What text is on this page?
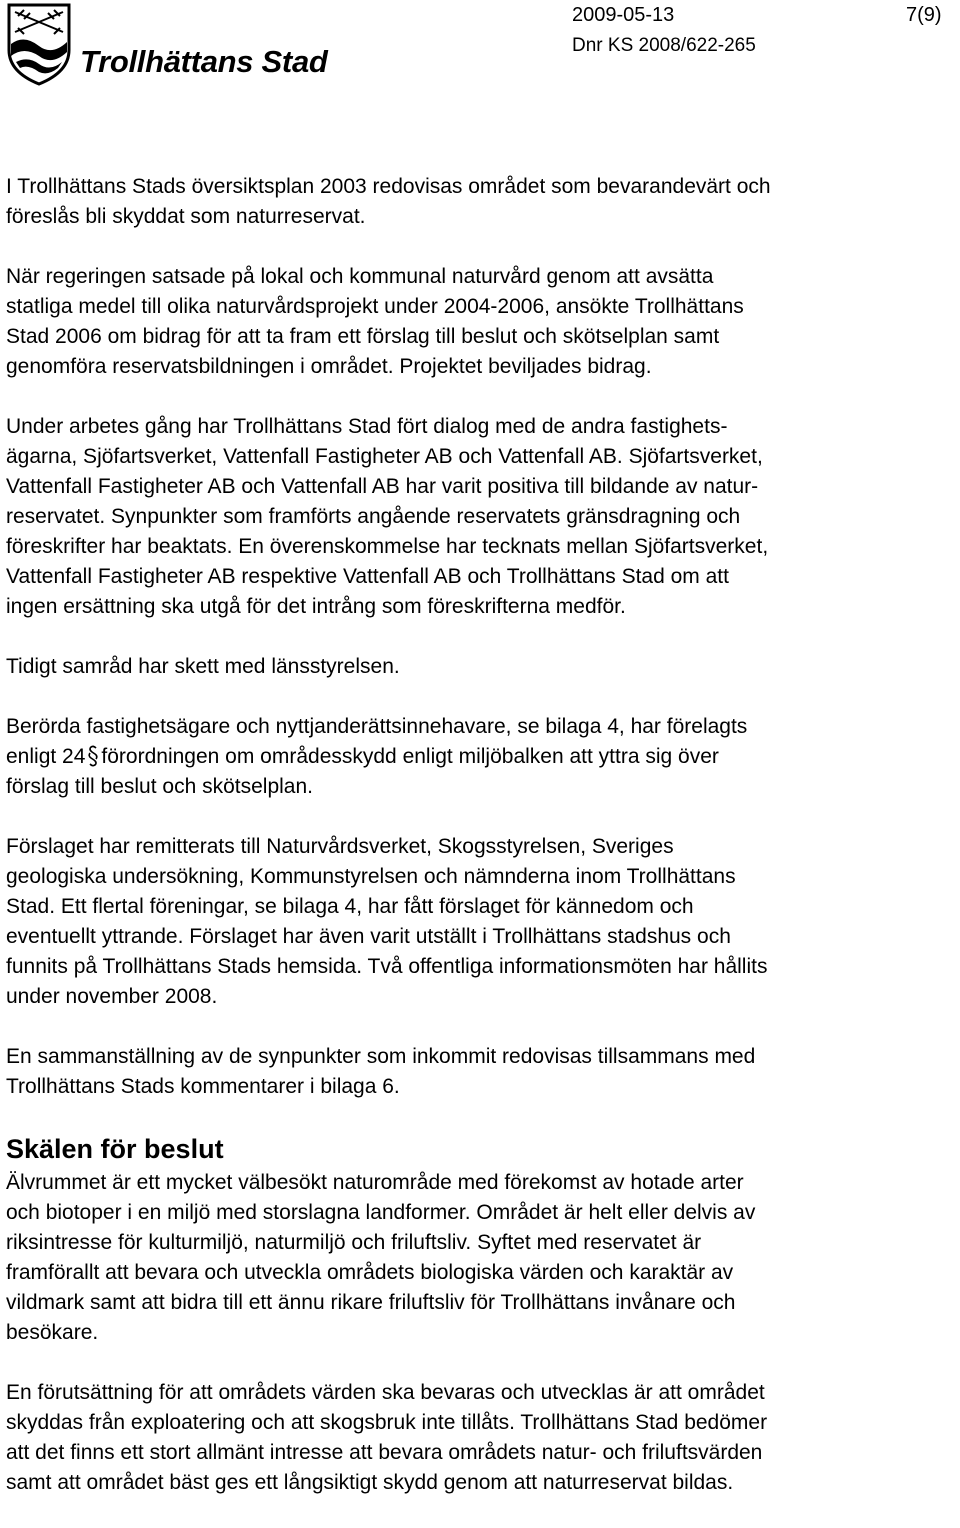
Trollhättans Stad
2009-05-13	7(9)
Dnr KS 2008/622-265

I Trollhättans Stads översiktsplan 2003 redovisas området som bevarandevärt och
föreslås bli skyddat som naturreservat.

När regeringen satsade på lokal och kommunal naturvård genom att avsätta
statliga medel till olika naturvårdsprojekt under 2004-2006, ansökte Trollhättans
Stad 2006 om bidrag för att ta fram ett förslag till beslut och skötselplan samt
genomföra reservatsbildningen i området. Projektet beviljades bidrag.

Under arbetes gång har Trollhättans Stad fört dialog med de andra fastighets-
ägarna, Sjöfartsverket, Vattenfall Fastigheter AB och Vattenfall AB. Sjöfartsverket,
Vattenfall Fastigheter AB och Vattenfall AB har varit positiva till bildande av natur-
reservatet. Synpunkter som framförts angående reservatets gränsdragning och
föreskrifter har beaktats. En överenskommelse har tecknats mellan Sjöfartsverket,
Vattenfall Fastigheter AB respektive Vattenfall AB och Trollhättans Stad om att
ingen ersättning ska utgå för det intrång som föreskrifterna medför.

Tidigt samråd har skett med länsstyrelsen.

Berörda fastighetsägare och nyttjanderättsinnehavare, se bilaga 4, har förelagts
enligt 24 förordningen om områdesskydd enligt miljöbalken att yttra sig över
förslag till beslut och skötselplan.

Förslaget har remitterats till Naturvårdsverket, Skogsstyrelsen, Sveriges
geologiska undersökning, Kommunstyrelsen och nämnderna inom Trollhättans
Stad. Ett flertal föreningar, se bilaga 4, har fått förslaget för kännedom och
eventuellt yttrande. Förslaget har även varit utställt i Trollhättans stadshus och
funnits på Trollhättans Stads hemsida. Två offentliga informationsmöten har hållits
under november 2008.

En sammanställning av de synpunkter som inkommit redovisas tillsammans med
Trollhättans Stads kommentarer i bilaga 6.

Skälen för beslut

Älvrummet är ett mycket välbesökt naturområde med förekomst av hotade arter
och biotoper i en miljö med storslagna landformer. Området är helt eller delvis av
riksintresse för kulturmiljö, naturmiljö och friluftsliv. Syftet med reservatet är
framförallt att bevara och utveckla områdets biologiska värden och karaktär av
vildmark samt att bidra till ett ännu rikare friluftsliv för Trollhättans invånare och
besökare.

En förutsättning för att områdets värden ska bevaras och utvecklas är att området
skyddas från exploatering och att skogsbruk inte tillåts. Trollhättans Stad bedömer
att det finns ett stort allmänt intresse att bevara områdets natur- och friluftsvärden
samt att området bäst ges ett långsiktigt skydd genom att naturreservat bildas.
